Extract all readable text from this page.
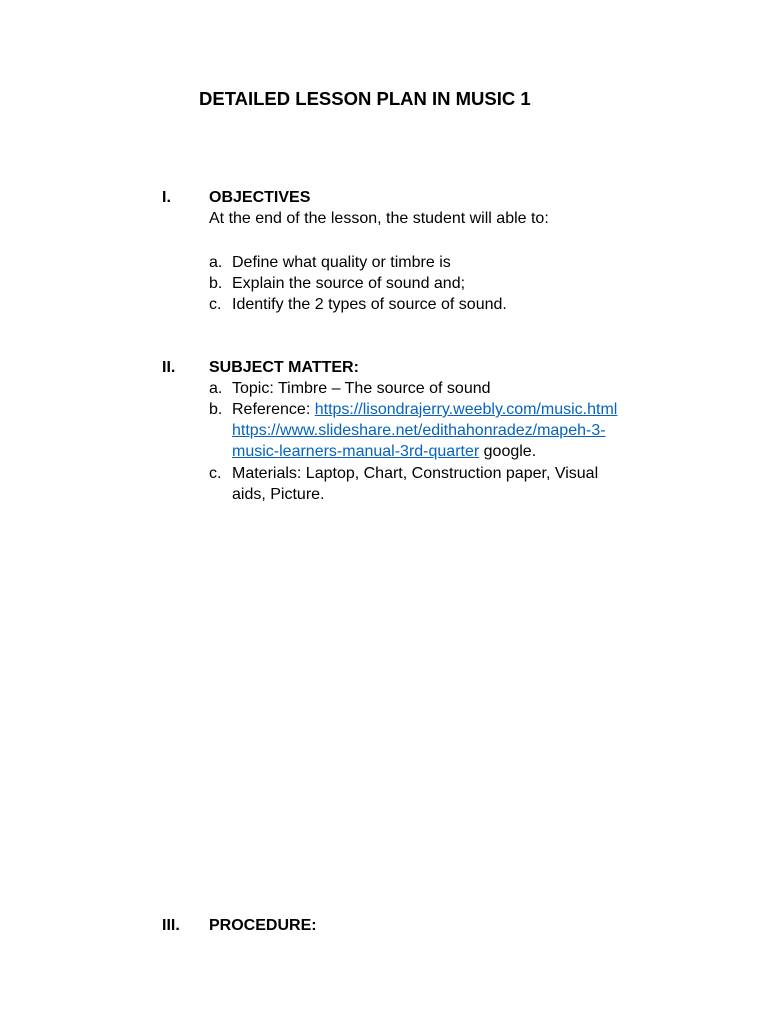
DETAILED LESSON PLAN IN MUSIC 1
I. OBJECTIVES
At the end of the lesson, the student will able to:
a. Define what quality or timbre is
b. Explain the source of sound and;
c. Identify the 2 types of source of sound.
II. SUBJECT MATTER:
a. Topic: Timbre – The source of sound
b. Reference: https://lisondrajerry.weebly.com/music.html
https://www.slideshare.net/edithahonradez/mapeh-3-
music-learners-manual-3rd-quarter google.
c. Materials: Laptop, Chart, Construction paper, Visual
aids, Picture.
III. PROCEDURE:
